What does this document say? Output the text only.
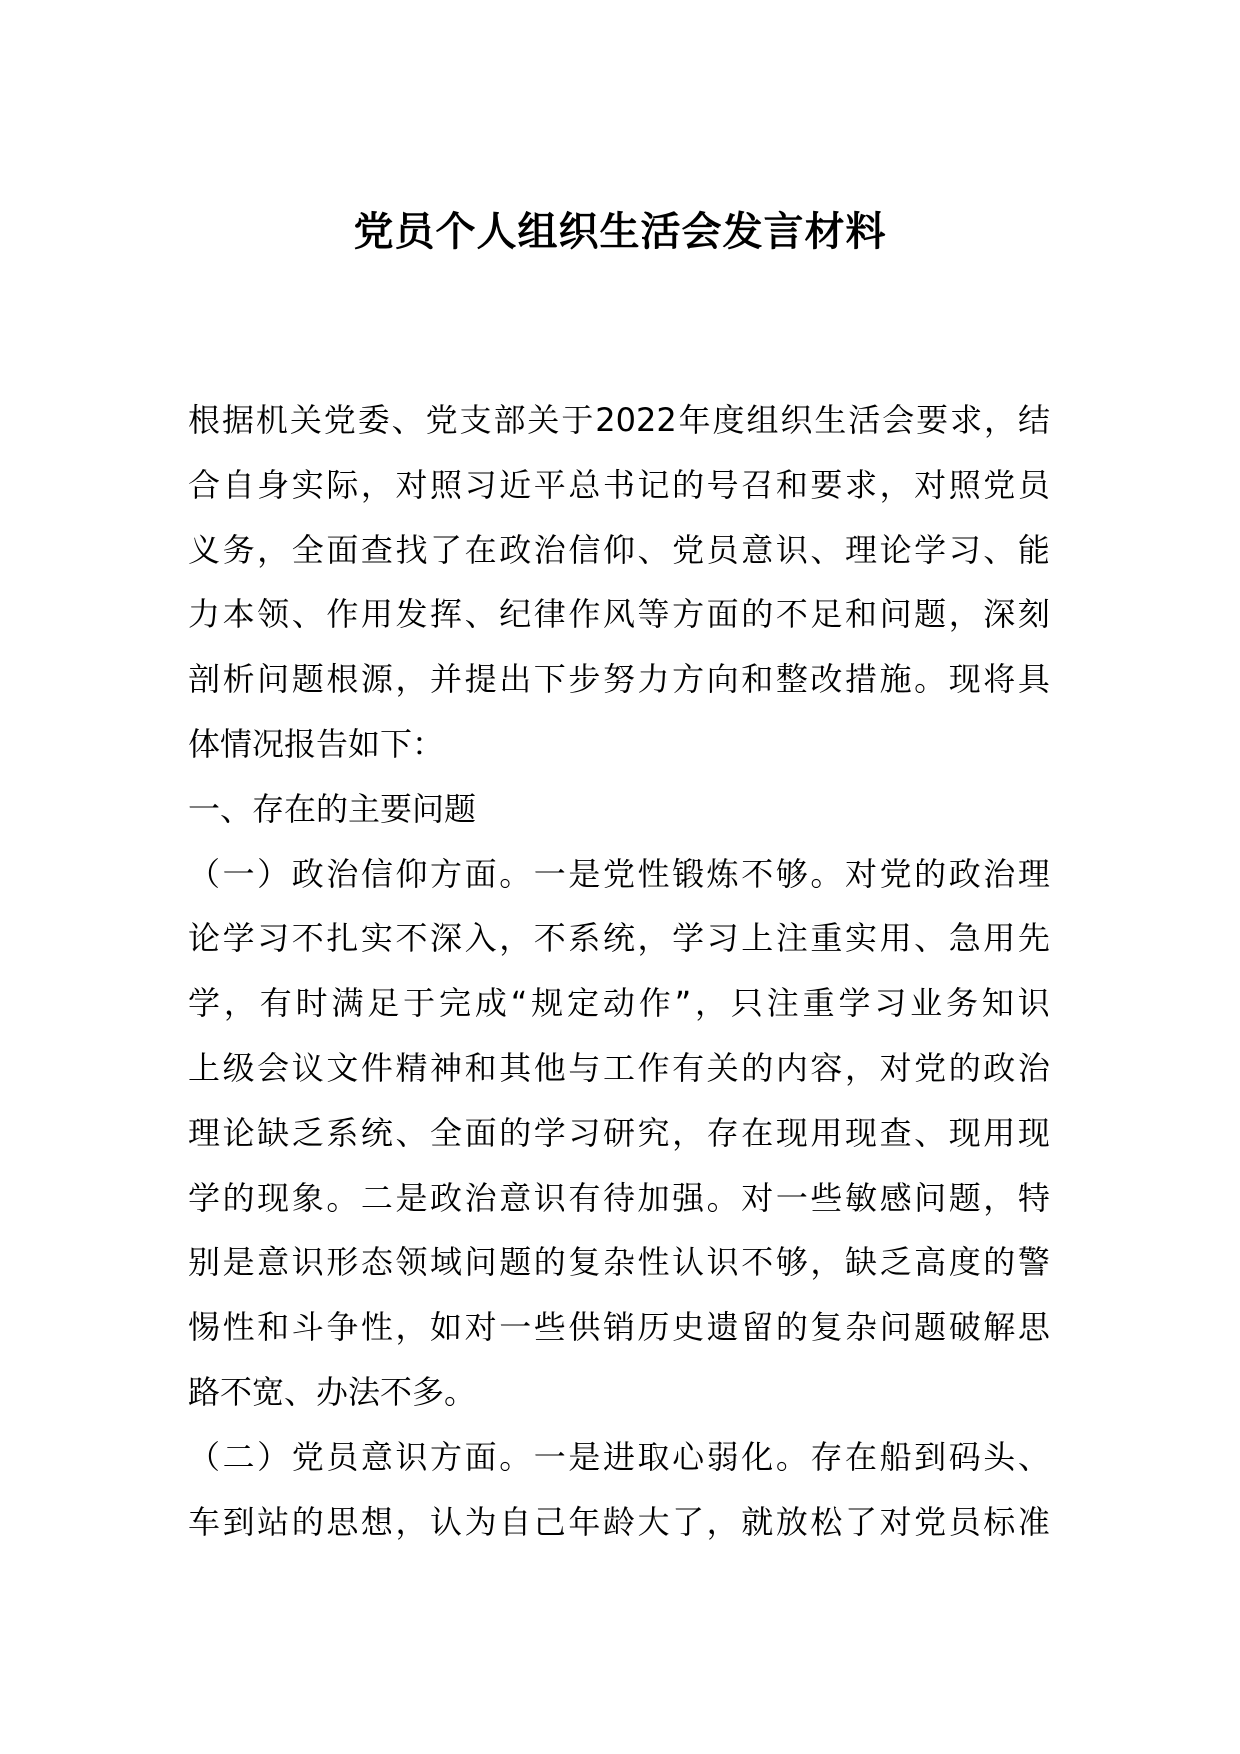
党员个人组织生活会发言材料
根 据 机 关 党 委 、 党 支 部 关 于 2022 年 度 组 织 生 活 会 要 求 ， 结
合 自 身 实 际 ， 对 照 习 近 平 总 书 记 的 号 召 和 要 求 ， 对 照 党 员
义 务 ， 全 面 查 找 了 在 政 治 信 仰 、 党 员 意 识 、 理 论 学 习 、 能
力 本 领 、 作 用 发 挥 、 纪 律 作 风 等 方 面 的 不 足 和 问 题 ， 深 刻
剖 析 问 题 根 源 ， 并 提 出 下 步 努 力 方 向 和 整 改 措 施 。 现 将 具
体情况报告如下：
一、存在的主要问题
（ 一 ） 政 治 信 仰 方 面 。 一 是 党 性 锻 炼 不 够 。 对 党 的 政 治 理
论 学 习 不 扎 实 不 深 入 ， 不 系 统 ， 学 习 上 注 重 实 用 、 急 用 先
学 ， 有 时 满 足 于 完 成 “ 规 定 动 作 ” ， 只 注 重 学 习 业 务 知 识
上 级 会 议 文 件 精 神 和 其 他 与 工 作 有 关 的 内 容 ， 对 党 的 政 治
理 论 缺 乏 系 统 、 全 面 的 学 习 研 究 ， 存 在 现 用 现 查 、 现 用 现
学 的 现 象 。 二 是 政 治 意 识 有 待 加 强 。 对 一 些 敏 感 问 题 ， 特
别 是 意 识 形 态 领 域 问 题 的 复 杂 性 认 识 不 够 ， 缺 乏 高 度 的 警
惕 性 和 斗 争 性 ， 如 对 一 些 供 销 历 史 遗 留 的 复 杂 问 题 破 解 思
路不宽、办法不多。
（ 二 ） 党 员 意 识 方 面 。 一 是 进 取 心 弱 化 。 存 在 船 到 码 头 、
车 到 站 的 思 想 ， 认 为 自 己 年 龄 大 了 ， 就 放 松 了 对 党 员 标 准
